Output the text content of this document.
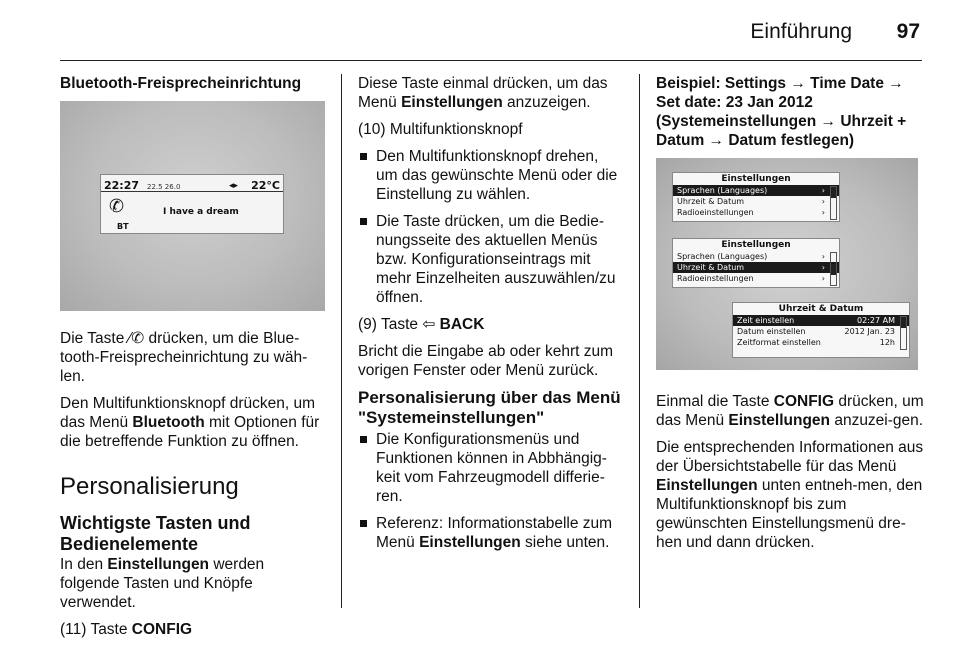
Einführung 97
Bluetooth-Freisprecheinrichtung
22:27 22.5 26.0	◂▸ 22°C
✆
BT
I have a dream

Die Taste ⁄✆ drücken, um die Blue-tooth-Freisprecheinrichtung zu wäh-len.

Den Multifunktionsknopf drücken, um das Menü Bluetooth mit Optionen für die betreffende Funktion zu öffnen.

Personalisierung
Wichtigste Tasten und Bedienelemente

In den Einstellungen werden folgende Tasten und Knöpfe verwendet.

(11) Taste CONFIG

Diese Taste einmal drücken, um das Menü Einstellungen anzuzeigen.

(10) Multifunktionsknopf

Den Multifunktionsknopf drehen, um das gewünschte Menü oder die Einstellung zu wählen.
Die Taste drücken, um die Bedie-nungsseite des aktuellen Menüs bzw. Konfigurationseintrags mit mehr Einzelheiten auszuwählen/zu öffnen.

(9) Taste ⇦ BACK

Bricht die Eingabe ab oder kehrt zum vorigen Fenster oder Menü zurück.

Personalisierung über das Menü "Systemeinstellungen"
Die Konfigurationsmenüs und Funktionen können in Abbhängig-keit vom Fahrzeugmodell differie-ren.
Referenz: Informationstabelle zum Menü Einstellungen siehe unten.
Beispiel: Settings → Time Date → Set date: 23 Jan 2012 (Systemeinstellungen → Uhrzeit + Datum → Datum festlegen)
Einstellungen
Sprachen (Languages)	›
Uhrzeit & Datum	›
Radioeinstellungen	›
Einstellungen
Sprachen (Languages)	›
Uhrzeit & Datum	›
Radioeinstellungen	›
Uhrzeit & Datum
Zeit einstellen	02:27 AM
Datum einstellen	2012 Jan. 23
Zeitformat einstellen	12h

Einmal die Taste CONFIG drücken, um das Menü Einstellungen anzuzei-gen.

Die entsprechenden Informationen aus der Übersichtstabelle für das Menü Einstellungen unten entneh-men, den Multifunktionsknopf bis zum gewünschten Einstellungsmenü dre-hen und dann drücken.
